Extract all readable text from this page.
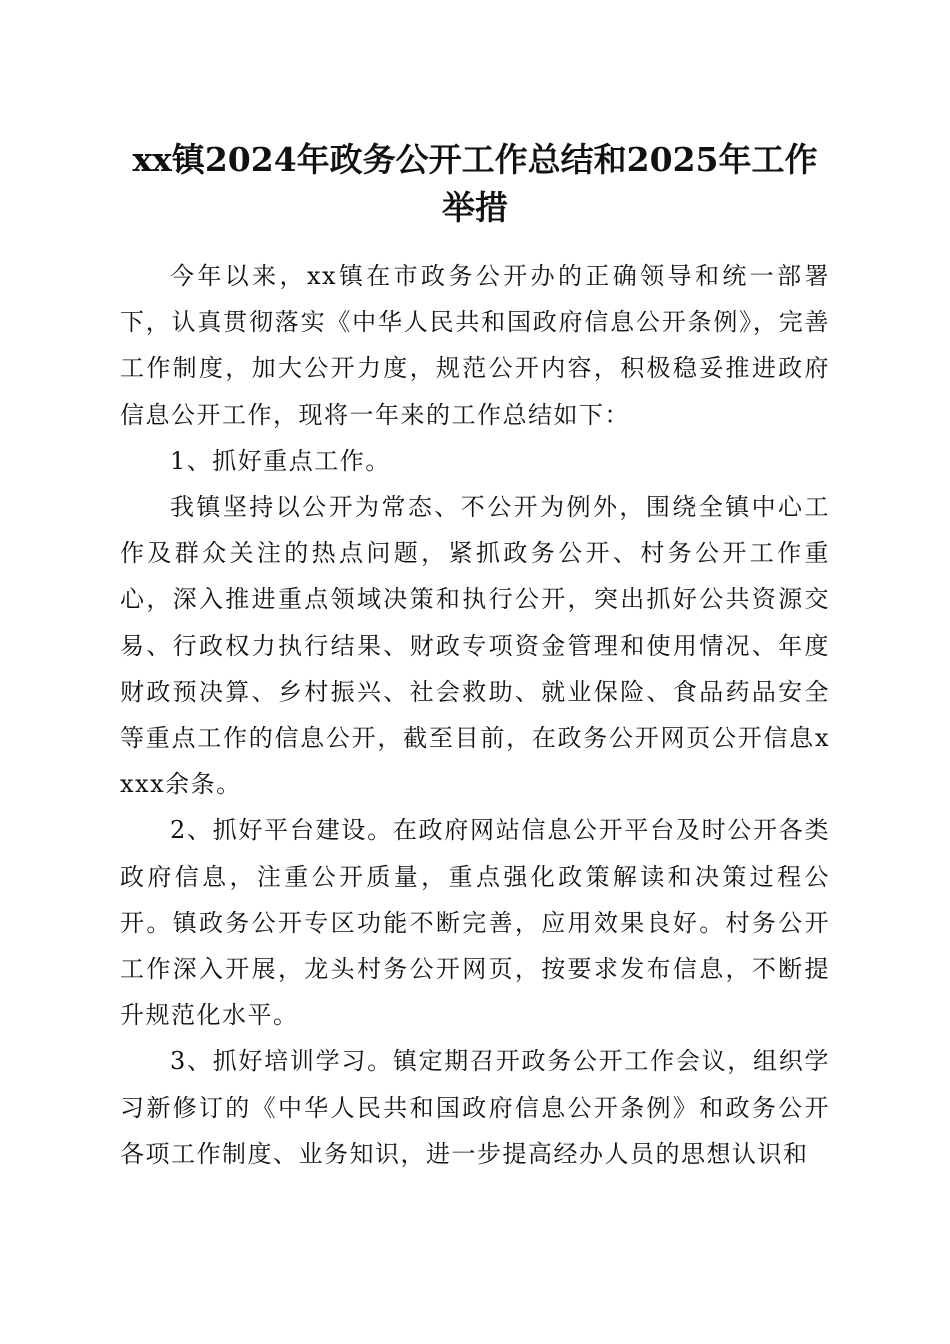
xx镇2024年政务公开工作总结和2025年工作
举措

今年以来，xx镇在市政务公开办的正确领导和统一部署下，认真贯彻落实《中华人民共和国政府信息公开条例》，完善工作制度，加大公开力度，规范公开内容，积极稳妥推进政府信息公开工作，现将一年来的工作总结如下：

1、抓好重点工作。

我镇坚持以公开为常态、不公开为例外，围绕全镇中心工作及群众关注的热点问题，紧抓政务公开、村务公开工作重心，深入推进重点领域决策和执行公开，突出抓好公共资源交易、行政权力执行结果、财政专项资金管理和使用情况、年度财政预决算、乡村振兴、社会救助、就业保险、食品药品安全等重点工作的信息公开，截至目前，在政务公开网页公开信息xxxx余条。

2、抓好平台建设。在政府网站信息公开平台及时公开各类政府信息，注重公开质量，重点强化政策解读和决策过程公开。镇政务公开专区功能不断完善，应用效果良好。村务公开工作深入开展，龙头村务公开网页，按要求发布信息，不断提升规范化水平。

3、抓好培训学习。镇定期召开政务公开工作会议，组织学习新修订的《中华人民共和国政府信息公开条例》和政务公开各项工作制度、业务知识，进一步提高经办人员的思想认识和
